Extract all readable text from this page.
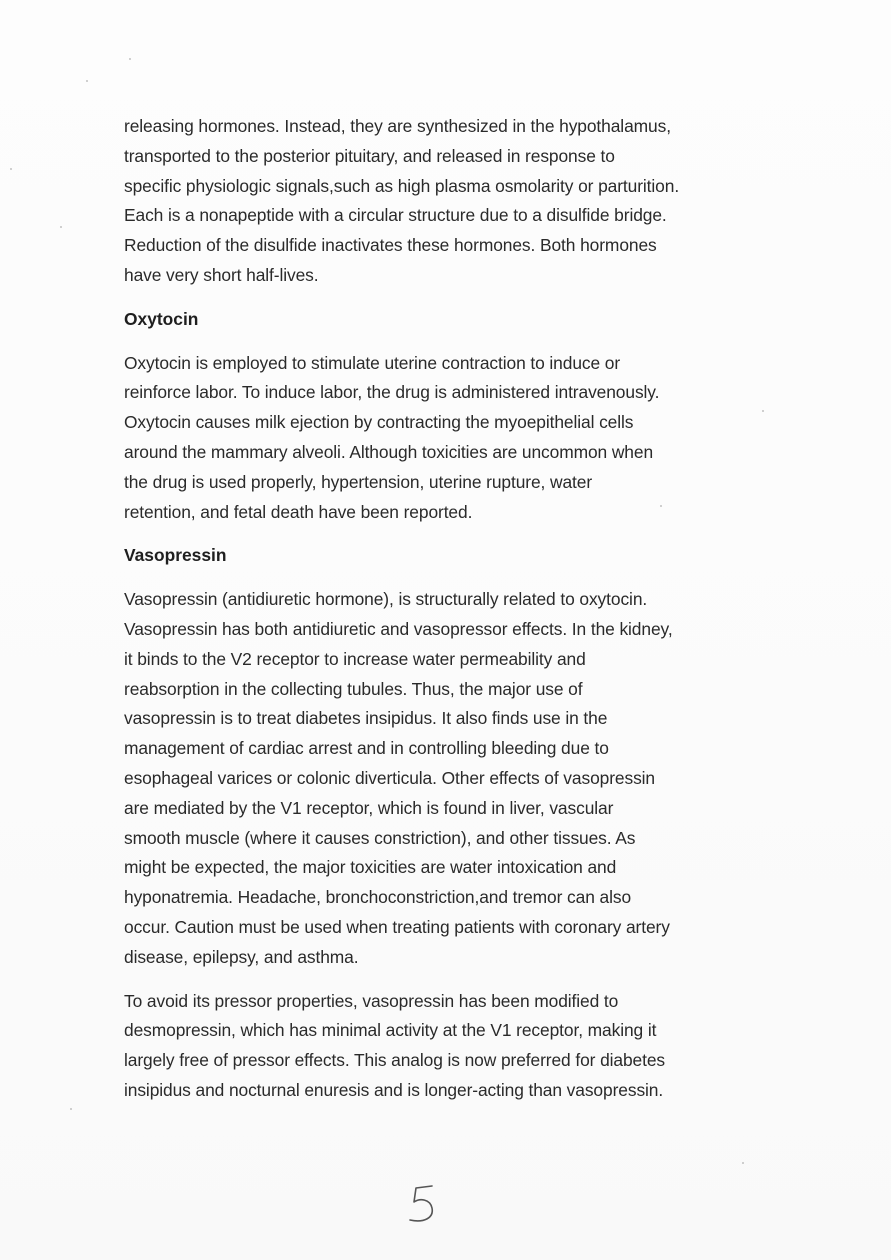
releasing hormones. Instead, they are synthesized in the hypothalamus,
transported to the posterior pituitary, and released in response to
specific physiologic signals,such as high plasma osmolarity or parturition.
Each is a nonapeptide with a circular structure due to a disulfide bridge.
Reduction of the disulfide inactivates these hormones. Both hormones
have very short half-lives.

Oxytocin

Oxytocin is employed to stimulate uterine contraction to induce or
reinforce labor. To induce labor, the drug is administered intravenously.
Oxytocin causes milk ejection by contracting the myoepithelial cells
around the mammary alveoli. Although toxicities are uncommon when
the drug is used properly, hypertension, uterine rupture, water
retention, and fetal death have been reported.

Vasopressin

Vasopressin (antidiuretic hormone), is structurally related to oxytocin.
Vasopressin has both antidiuretic and vasopressor effects. In the kidney,
it binds to the V2 receptor to increase water permeability and
reabsorption in the collecting tubules. Thus, the major use of
vasopressin is to treat diabetes insipidus. It also finds use in the
management of cardiac arrest and in controlling bleeding due to
esophageal varices or colonic diverticula. Other effects of vasopressin
are mediated by the V1 receptor, which is found in liver, vascular
smooth muscle (where it causes constriction), and other tissues. As
might be expected, the major toxicities are water intoxication and
hyponatremia. Headache, bronchoconstriction,and tremor can also
occur. Caution must be used when treating patients with coronary artery
disease, epilepsy, and asthma.

To avoid its pressor properties, vasopressin has been modified to
desmopressin, which has minimal activity at the V1 receptor, making it
largely free of pressor effects. This analog is now preferred for diabetes
insipidus and nocturnal enuresis and is longer-acting than vasopressin.
